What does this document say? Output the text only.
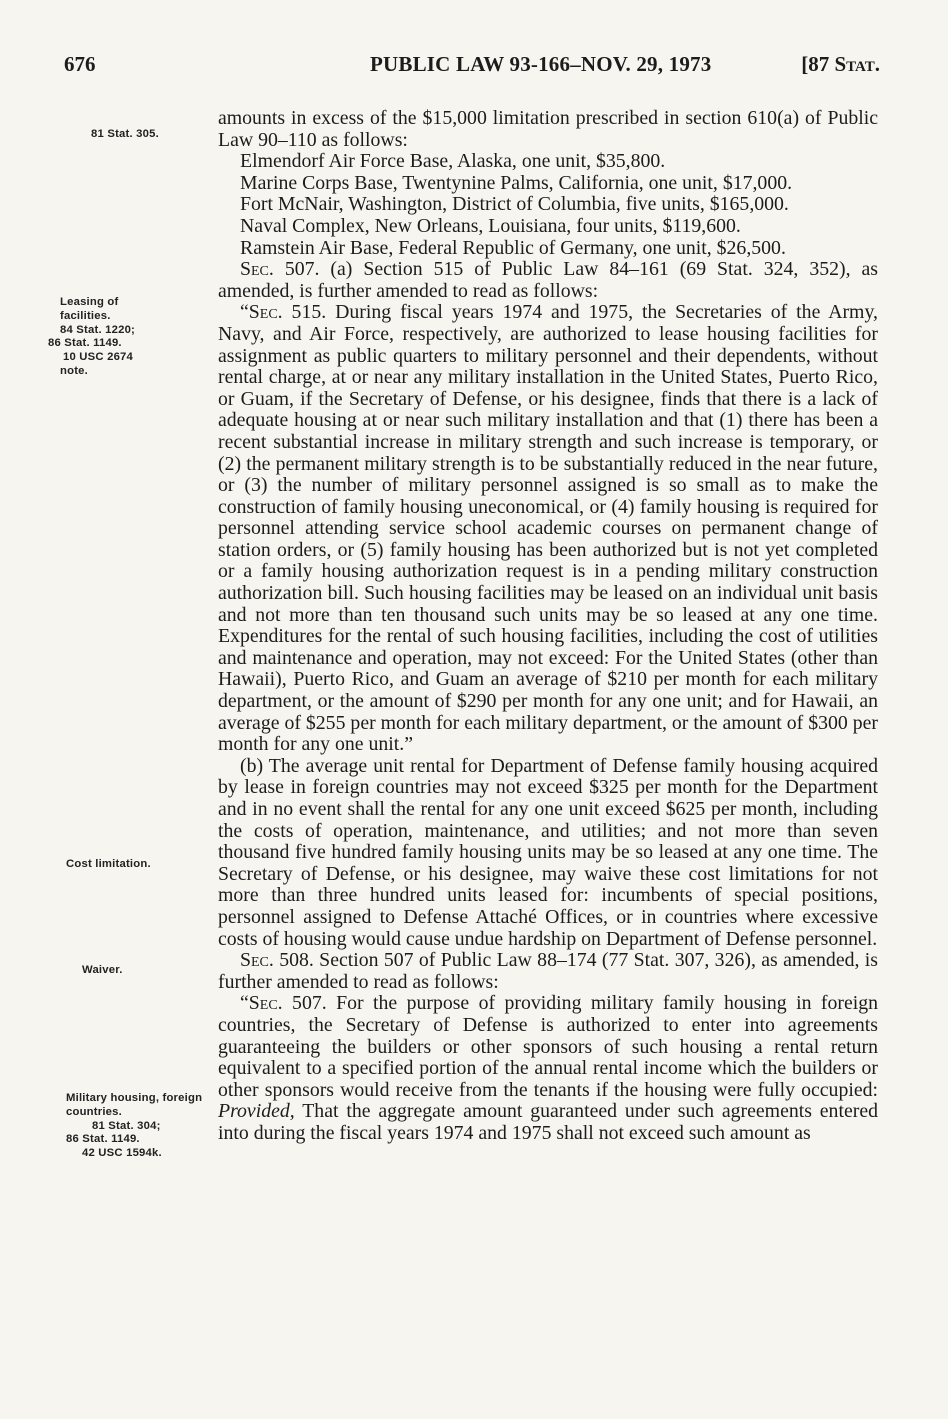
676	PUBLIC LAW 93-166–NOV. 29, 1973	[87 Stat.
81 Stat. 305.
Leasing of facilities.
84 Stat. 1220;
86 Stat. 1149.
10 USC 2674
note.
Cost limitation.
Waiver.
Military housing, foreign countries.
81 Stat. 304;
86 Stat. 1149.
42 USC 1594k.

amounts in excess of the $15,000 limitation prescribed in section 610(a) of Public Law 90–110 as follows:

Elmendorf Air Force Base, Alaska, one unit, $35,800.

Marine Corps Base, Twentynine Palms, California, one unit, $17,000.

Fort McNair, Washington, District of Columbia, five units, $165,000.

Naval Complex, New Orleans, Louisiana, four units, $119,600.

Ramstein Air Base, Federal Republic of Germany, one unit, $26,500.

Sec. 507. (a) Section 515 of Public Law 84–161 (69 Stat. 324, 352), as amended, is further amended to read as follows:

“Sec. 515. During fiscal years 1974 and 1975, the Secretaries of the Army, Navy, and Air Force, respectively, are authorized to lease housing facilities for assignment as public quarters to military personnel and their dependents, without rental charge, at or near any military installation in the United States, Puerto Rico, or Guam, if the Secretary of Defense, or his designee, finds that there is a lack of adequate housing at or near such military installation and that (1) there has been a recent substantial increase in military strength and such increase is temporary, or (2) the permanent military strength is to be substantially reduced in the near future, or (3) the number of military personnel assigned is so small as to make the construction of family housing uneconomical, or (4) family housing is required for personnel attending service school academic courses on permanent change of station orders, or (5) family housing has been authorized but is not yet completed or a family housing authorization request is in a pending military construction authorization bill. Such housing facilities may be leased on an individual unit basis and not more than ten thousand such units may be so leased at any one time. Expenditures for the rental of such housing facilities, including the cost of utilities and maintenance and operation, may not exceed: For the United States (other than Hawaii), Puerto Rico, and Guam an average of $210 per month for each military department, or the amount of $290 per month for any one unit; and for Hawaii, an average of $255 per month for each military department, or the amount of $300 per month for any one unit.”

(b) The average unit rental for Department of Defense family housing acquired by lease in foreign countries may not exceed $325 per month for the Department and in no event shall the rental for any one unit exceed $625 per month, including the costs of operation, maintenance, and utilities; and not more than seven thousand five hundred family housing units may be so leased at any one time. The Secretary of Defense, or his designee, may waive these cost limitations for not more than three hundred units leased for: incumbents of special positions, personnel assigned to Defense Attaché Offices, or in countries where excessive costs of housing would cause undue hardship on Department of Defense personnel.

Sec. 508. Section 507 of Public Law 88–174 (77 Stat. 307, 326), as amended, is further amended to read as follows:

“Sec. 507. For the purpose of providing military family housing in foreign countries, the Secretary of Defense is authorized to enter into agreements guaranteeing the builders or other sponsors of such housing a rental return equivalent to a specified portion of the annual rental income which the builders or other sponsors would receive from the tenants if the housing were fully occupied: Provided, That the aggregate amount guaranteed under such agreements entered into during the fiscal years 1974 and 1975 shall not exceed such amount as
